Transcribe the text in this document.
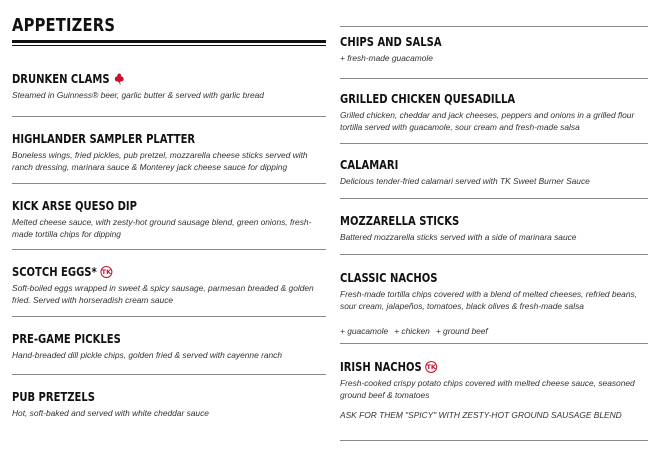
APPETIZERS
DRUNKEN CLAMS
Steamed in Guinness® beer, garlic butter & served with garlic bread
HIGHLANDER SAMPLER PLATTER
Boneless wings, fried pickles, pub pretzel, mozzarella cheese sticks served with ranch dressing, marinara sauce & Monterey jack cheese sauce for dipping
KICK ARSE QUESO DIP
Melted cheese sauce, with zesty-hot ground sausage blend, green onions, fresh-made tortilla chips for dipping
SCOTCH EGGS* TK
Soft-boiled eggs wrapped in sweet & spicy sausage, parmesan breaded & golden fried. Served with horseradish cream sauce
PRE-GAME PICKLES
Hand-breaded dill pickle chips, golden fried & served with cayenne ranch
PUB PRETZELS
Hot, soft-baked and served with white cheddar sauce
CHIPS AND SALSA
+ fresh-made guacamole
GRILLED CHICKEN QUESADILLA
Grilled chicken, cheddar and jack cheeses, peppers and onions in a grilled flour tortilla served with guacamole, sour cream and fresh-made salsa
CALAMARI
Delicious tender-fried calamari served with TK Sweet Burner Sauce
MOZZARELLA STICKS
Battered mozzarella sticks served with a side of marinara sauce
CLASSIC NACHOS
Fresh-made tortilla chips covered with a blend of melted cheeses, refried beans, sour cream, jalapeños, tomatoes, black olives & fresh-made salsa
+ guacamole + chicken + ground beef
IRISH NACHOS TK
Fresh-cooked crispy potato chips covered with melted cheese sauce, seasoned ground beef & tomatoes
ASK FOR THEM "SPICY" WITH ZESTY-HOT GROUND SAUSAGE BLEND
